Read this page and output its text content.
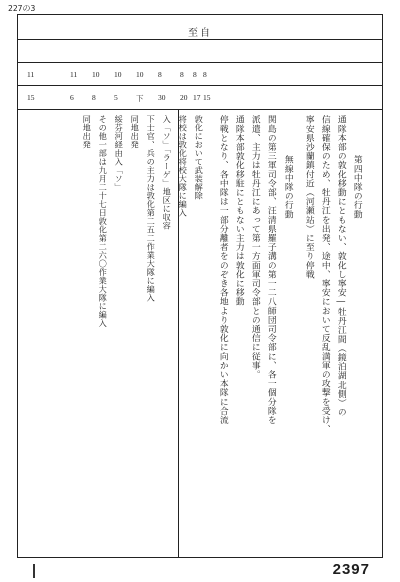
227の3
至自
11	11 10 10 10 8 8 8 8
15	6 8 5 下 30 20 17 15
第四中隊の行動
通隊本部の敦化移動にともない、敦化し寧安―牡丹江間（鏡泊湖北側）の
信線確保のため、牡丹江を出発、途中、寧安において反乱満軍の攻撃を受け、
寧安県沙蘭鎮付近（河瀬站）に至り停戦
無線中隊の行動
関島の第三軍司令部、汪清県羅子溝の第一二八師団司令部に、各一個分隊を
派遣、主力は牡丹江にあって第一方面軍司令部との通信に従事。
通隊本部敦化移駐にともない主力は敦化に移動
停戦となり、各中隊は一部分離者をのぞき各地より敦化に向かい本隊に合流
敦化において武装解除
将校は敦化将校大隊に編入
入「ソ」「ラーゲ」地区に収容
下士官、兵の主力は敦化第二五二作業大隊に編入
同地出発
綏芬河経由入「ソ」
その他一部は九月二十七日敦化第二六〇作業大隊に編入
同地出発
2397
